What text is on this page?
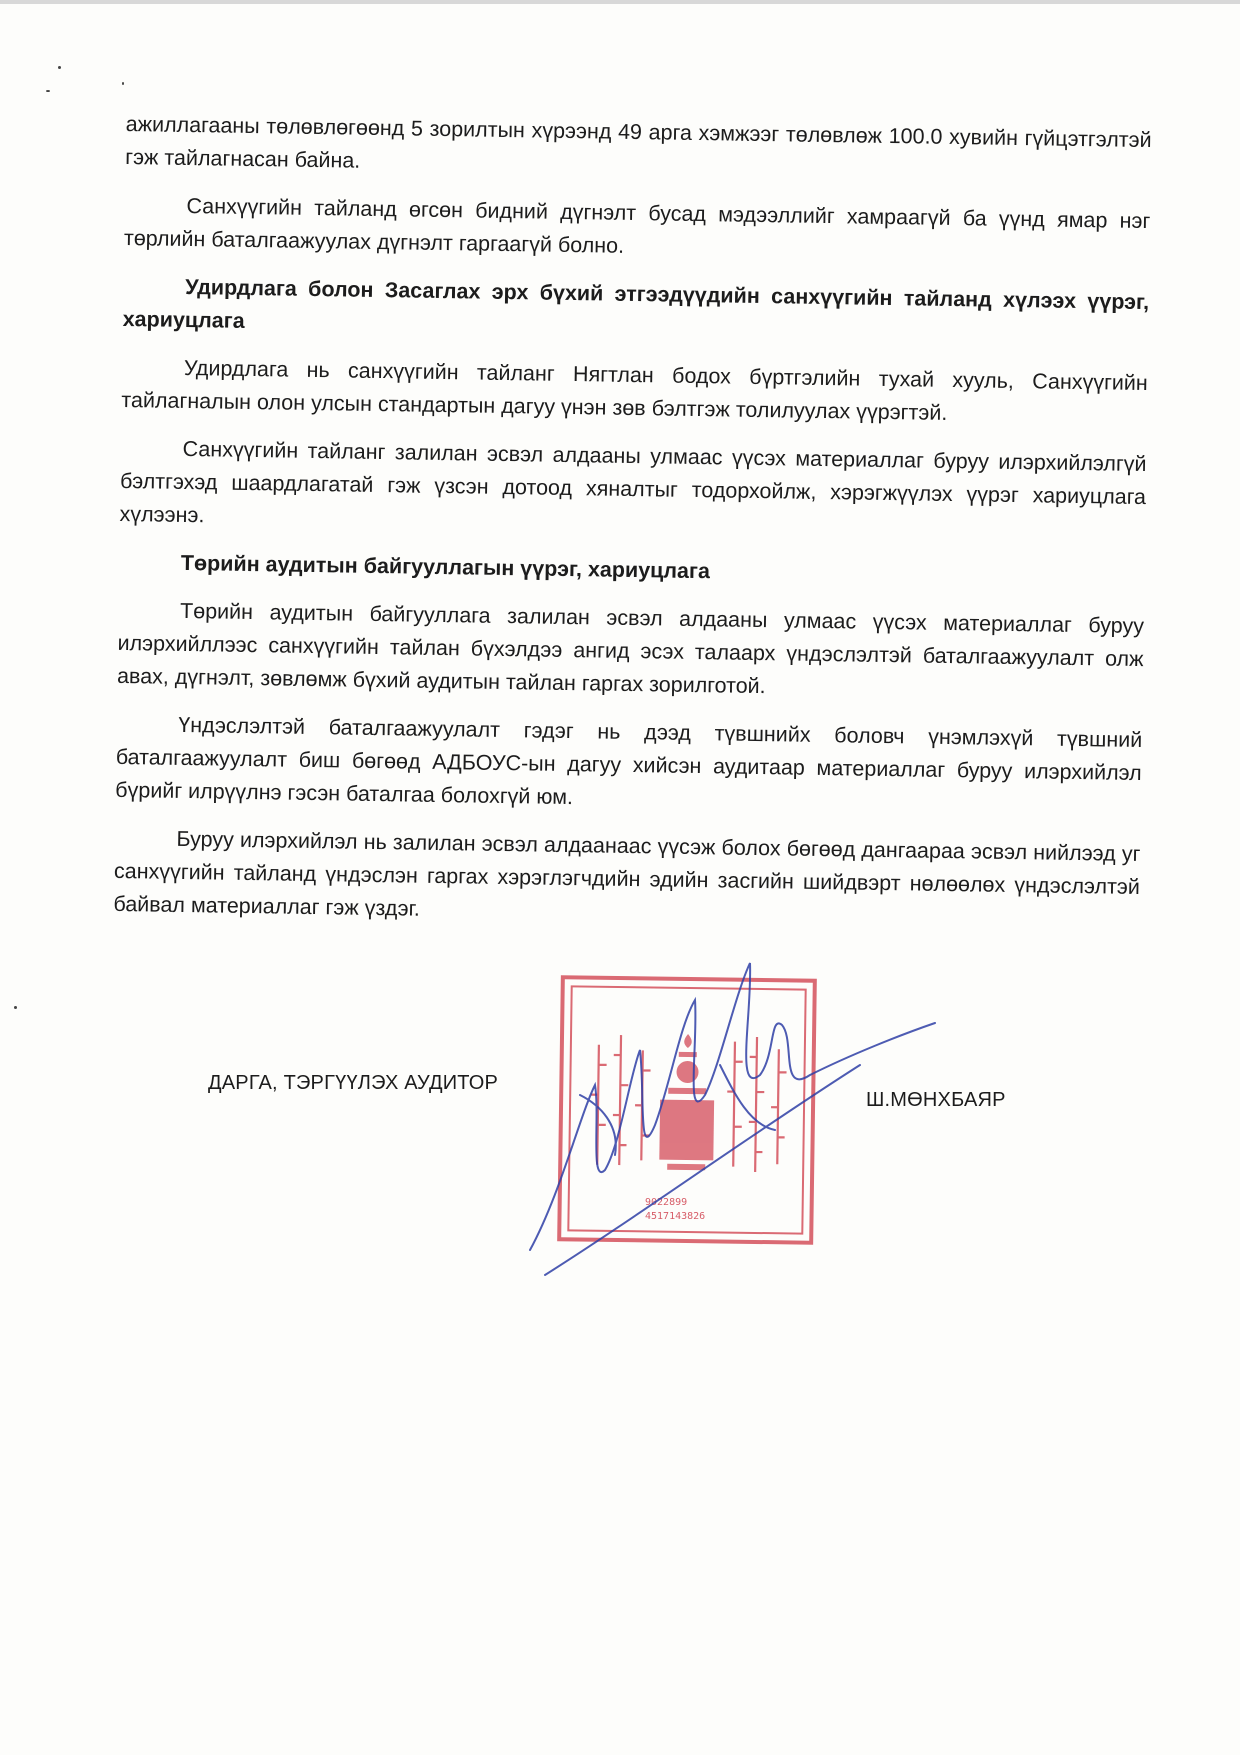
ажиллагааны төлөвлөгөөнд 5 зорилтын хүрээнд 49 арга хэмжээг төлөвлөж 100.0 хувийн гүйцэтгэлтэй гэж тайлагнасан байна.

Санхүүгийн тайланд өгсөн бидний дүгнэлт бусад мэдээллийг хамраагүй ба үүнд ямар нэг төрлийн баталгаажуулах дүгнэлт гаргаагүй болно.

Удирдлага болон Засаглах эрх бүхий этгээдүүдийн санхүүгийн тайланд хүлээх үүрэг, хариуцлага

Удирдлага нь санхүүгийн тайланг Нягтлан бодох бүртгэлийн тухай хууль, Санхүүгийн тайлагналын олон улсын стандартын дагуу үнэн зөв бэлтгэж толилуулах үүрэгтэй.

Санхүүгийн тайланг залилан эсвэл алдааны улмаас үүсэх материаллаг буруу илэрхийлэлгүй бэлтгэхэд шаардлагатай гэж үзсэн дотоод хяналтыг тодорхойлж, хэрэгжүүлэх үүрэг хариуцлага хүлээнэ.

Төрийн аудитын байгууллагын үүрэг, хариуцлага

Төрийн аудитын байгууллага залилан эсвэл алдааны улмаас үүсэх материаллаг буруу илэрхийллээс санхүүгийн тайлан бүхэлдээ ангид эсэх талаарх үндэслэлтэй баталгаажуулалт олж авах, дүгнэлт, зөвлөмж бүхий аудитын тайлан гаргах зорилготой.

Үндэслэлтэй баталгаажуулалт гэдэг нь дээд түвшнийх боловч үнэмлэхүй түвшний баталгаажуулалт биш бөгөөд АДБОУС-ын дагуу хийсэн аудитаар материаллаг буруу илэрхийлэл бүрийг илрүүлнэ гэсэн баталгаа болохгүй юм.

Буруу илэрхийлэл нь залилан эсвэл алдаанаас үүсэж болох бөгөөд дангаараа эсвэл нийлээд уг санхүүгийн тайланд үндэслэн гаргах хэрэглэгчдийн эдийн засгийн шийдвэрт нөлөөлөх үндэслэлтэй байвал материаллаг гэж үздэг.

ДАРГА, ТЭРГҮҮЛЭХ АУДИТОР
Ш.МӨНХБАЯР
9022899
4517143826
